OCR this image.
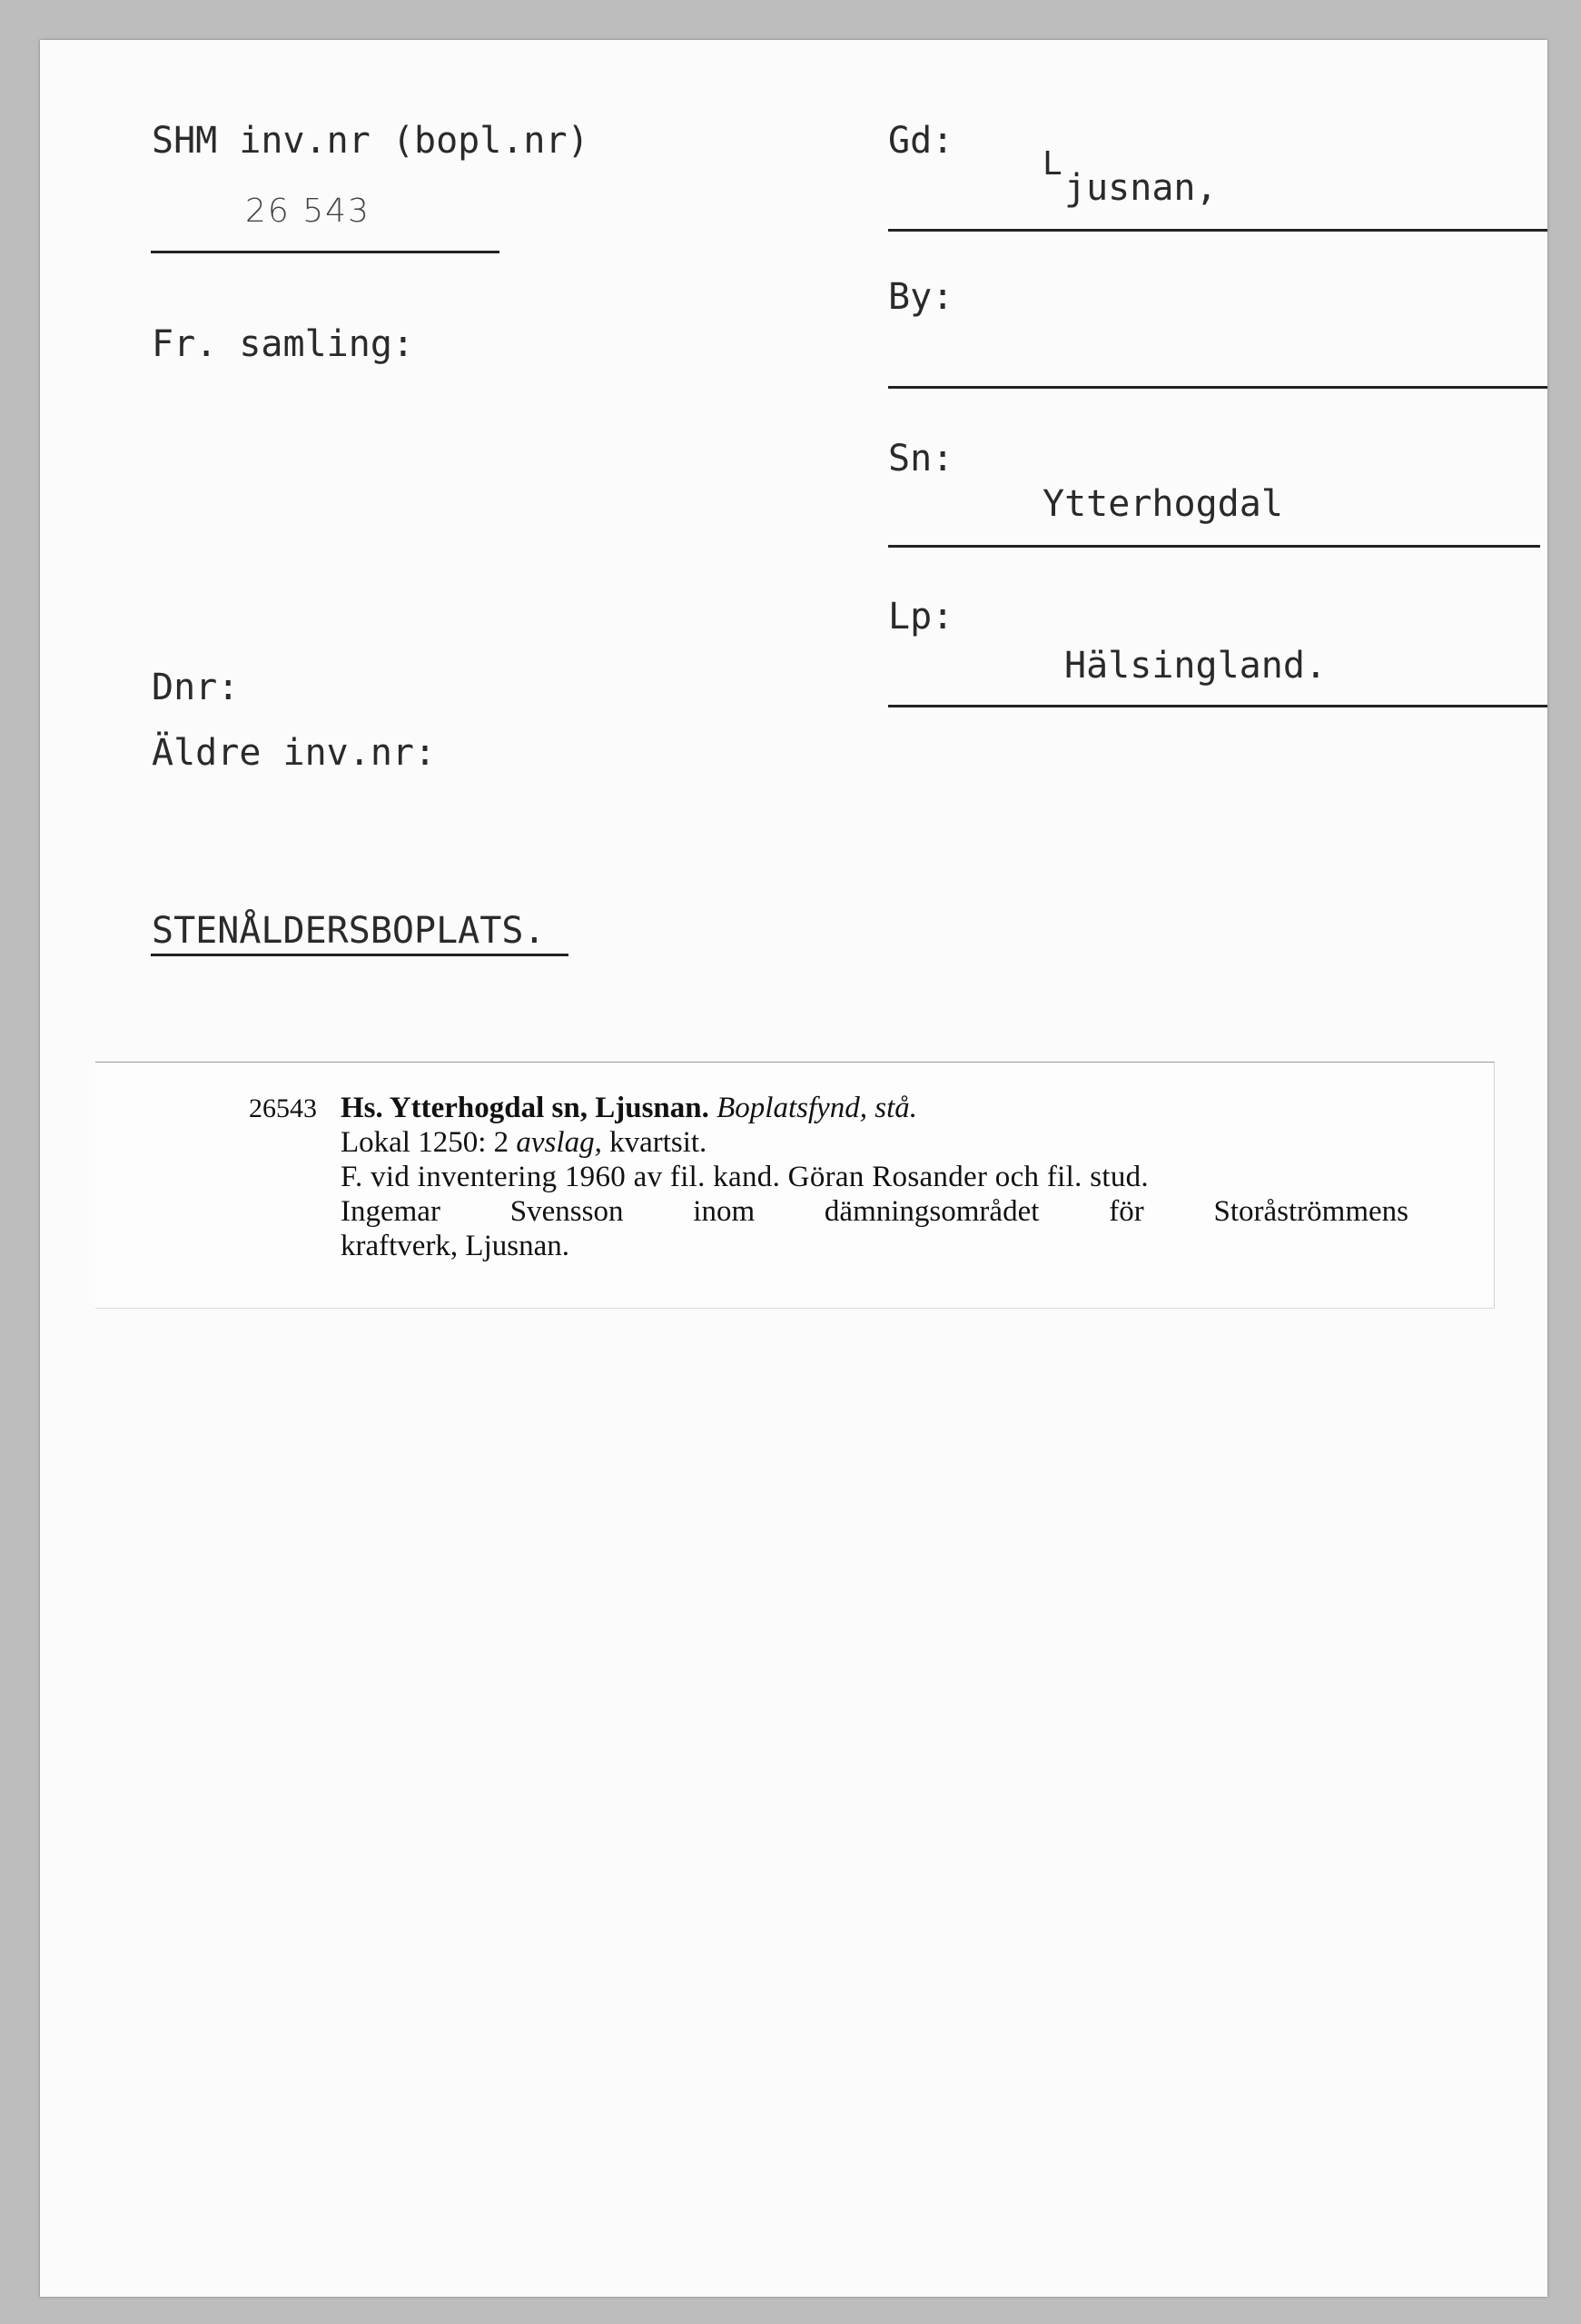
SHM inv.nr (bopl.nr)
26 543
Fr. samling:
Dnr:
Äldre inv.nr:
STENÅLDERSBOPLATS.
Gd:
L
jusnan,
By:
Sn:
Ytterhogdal
Lp:
Hälsingland.
26543 Hs. Ytterhogdal sn, Ljusnan. Boplatsfynd, stå.
Lokal 1250: 2 avslag, kvartsit.
F. vid inventering 1960 av fil. kand. Göran Rosander och fil. stud.
Ingemar Svensson inom dämningsområdet för Storåströmmens
kraftverk, Ljusnan.
